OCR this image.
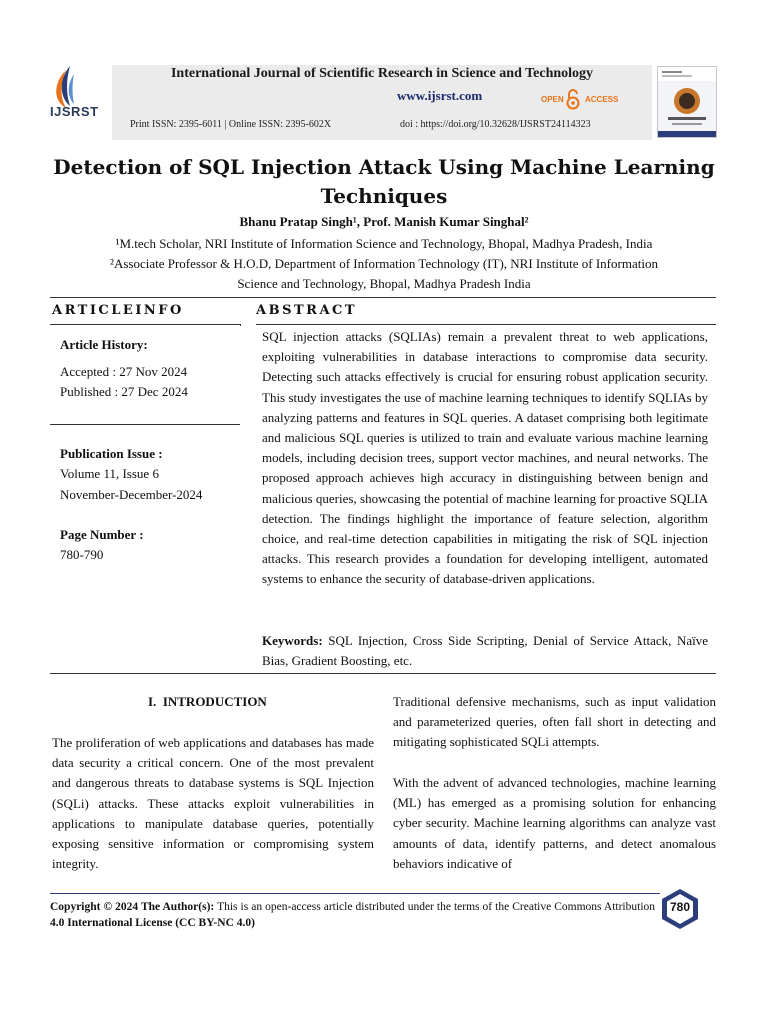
IJSRST
International Journal of Scientific Research in Science and Technology
www.ijsrst.com	OPEN	ACCESS
Print ISSN: 2395-6011 | Online ISSN: 2395-602X	doi : https://doi.org/10.32628/IJSRST24114323
Detection of SQL Injection Attack Using Machine Learning Techniques
Bhanu Pratap Singh¹, Prof. Manish Kumar Singhal²
¹M.tech Scholar, NRI Institute of Information Science and Technology, Bhopal, Madhya Pradesh, India
²Associate Professor & H.O.D, Department of Information Technology (IT), NRI Institute of Information
Science and Technology, Bhopal, Madhya Pradesh India
ARTICLEINFO	ABSTRACT
Article History:
Accepted : 27 Nov 2024
Published : 27 Dec 2024
Publication Issue :
Volume 11, Issue 6
November-December-2024
Page Number :
780-790

SQL injection attacks (SQLIAs) remain a prevalent threat to web applications, exploiting vulnerabilities in database interactions to compromise data security. Detecting such attacks effectively is crucial for ensuring robust application security. This study investigates the use of machine learning techniques to identify SQLIAs by analyzing patterns and features in SQL queries. A dataset comprising both legitimate and malicious SQL queries is utilized to train and evaluate various machine learning models, including decision trees, support vector machines, and neural networks. The proposed approach achieves high accuracy in distinguishing between benign and malicious queries, showcasing the potential of machine learning for proactive SQLIA detection. The findings highlight the importance of feature selection, algorithm choice, and real-time detection capabilities in mitigating the risk of SQL injection attacks. This research provides a foundation for developing intelligent, automated systems to enhance the security of database-driven applications.

Keywords: SQL Injection, Cross Side Scripting, Denial of Service Attack, Naïve Bias, Gradient Boosting, etc.

I. INTRODUCTION

The proliferation of web applications and databases has made data security a critical concern. One of the most prevalent and dangerous threats to database systems is SQL Injection (SQLi) attacks. These attacks exploit vulnerabilities in applications to manipulate database queries, potentially exposing sensitive information or compromising system integrity.

Traditional defensive mechanisms, such as input validation and parameterized queries, often fall short in detecting and mitigating sophisticated SQLi attempts.

With the advent of advanced technologies, machine learning (ML) has emerged as a promising solution for enhancing cyber security. Machine learning algorithms can analyze vast amounts of data, identify patterns, and detect anomalous behaviors indicative of

Copyright © 2024 The Author(s): This is an open-access article distributed under the terms of the Creative Commons Attribution 4.0 International License (CC BY-NC 4.0)
780
